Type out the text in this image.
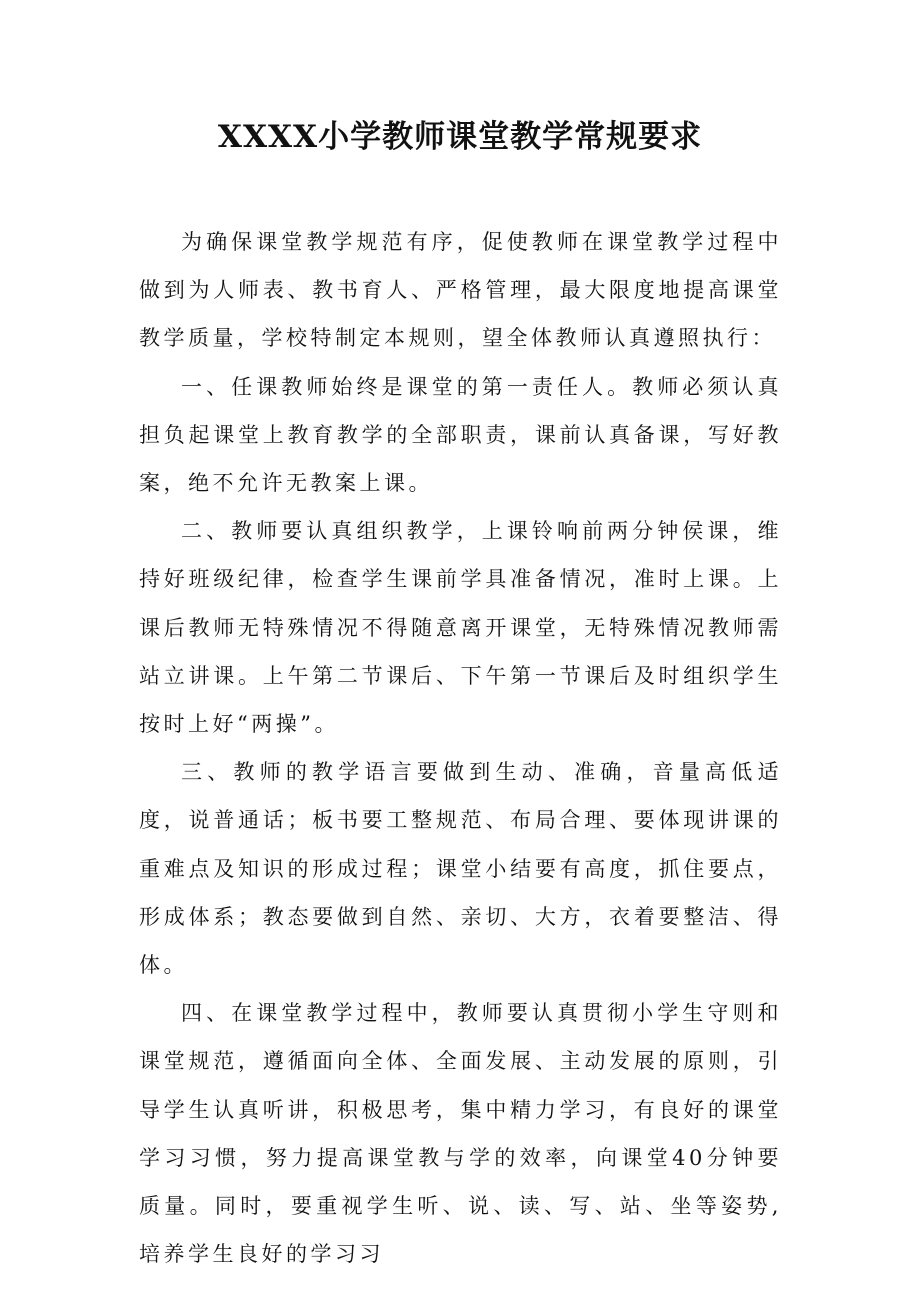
XXXX小学教师课堂教学常规要求

为确保课堂教学规范有序，促使教师在课堂教学过程中做到为人师表、教书育人、严格管理，最大限度地提高课堂教学质量，学校特制定本规则，望全体教师认真遵照执行：

一、任课教师始终是课堂的第一责任人。教师必须认真担负起课堂上教育教学的全部职责，课前认真备课，写好教案，绝不允许无教案上课。

二、教师要认真组织教学，上课铃响前两分钟侯课，维持好班级纪律，检查学生课前学具准备情况，准时上课。上课后教师无特殊情况不得随意离开课堂，无特殊情况教师需站立讲课。上午第二节课后、下午第一节课后及时组织学生按时上好“两操”。

三、教师的教学语言要做到生动、准确，音量高低适度，说普通话；板书要工整规范、布局合理、要体现讲课的重难点及知识的形成过程；课堂小结要有高度，抓住要点，形成体系；教态要做到自然、亲切、大方，衣着要整洁、得体。

四、在课堂教学过程中，教师要认真贯彻小学生守则和课堂规范，遵循面向全体、全面发展、主动发展的原则，引导学生认真听讲，积极思考，集中精力学习，有良好的课堂学习习惯，努力提高课堂教与学的效率，向课堂40分钟要质量。同时，要重视学生听、说、读、写、站、坐等姿势,培养学生良好的学习习
